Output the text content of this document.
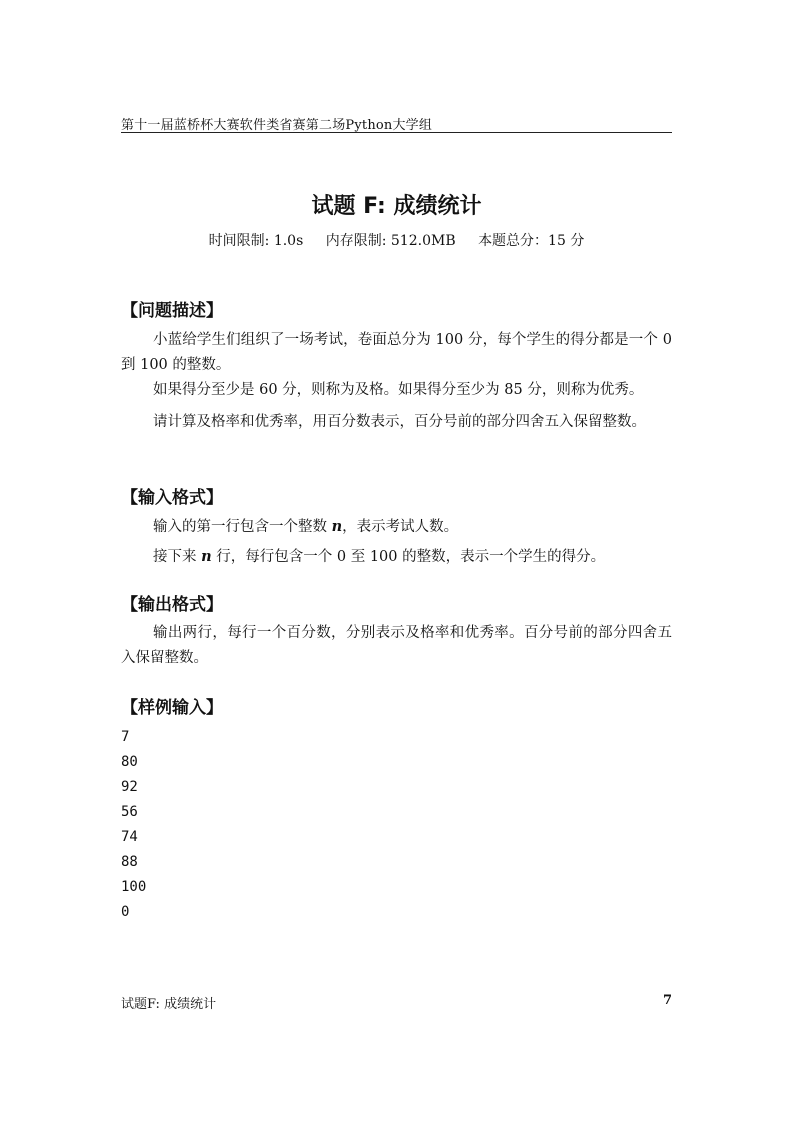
第十一届蓝桥杯大赛软件类省赛第二场Python大学组
试题 F: 成绩统计
时间限制: 1.0s 内存限制: 512.0MB 本题总分：15 分
【问题描述】
小蓝给学生们组织了一场考试，卷面总分为 100 分，每个学生的得分都是一个 0 到 100 的整数。
如果得分至少是 60 分，则称为及格。如果得分至少为 85 分，则称为优秀。
请计算及格率和优秀率，用百分数表示，百分号前的部分四舍五入保留整数。
【输入格式】
输入的第一行包含一个整数 n，表示考试人数。
接下来 n 行，每行包含一个 0 至 100 的整数，表示一个学生的得分。
【输出格式】
输出两行，每行一个百分数，分别表示及格率和优秀率。百分号前的部分四舍五入保留整数。
【样例输入】
7
80
92
56
74
88
100
0
试题F: 成绩统计	7
